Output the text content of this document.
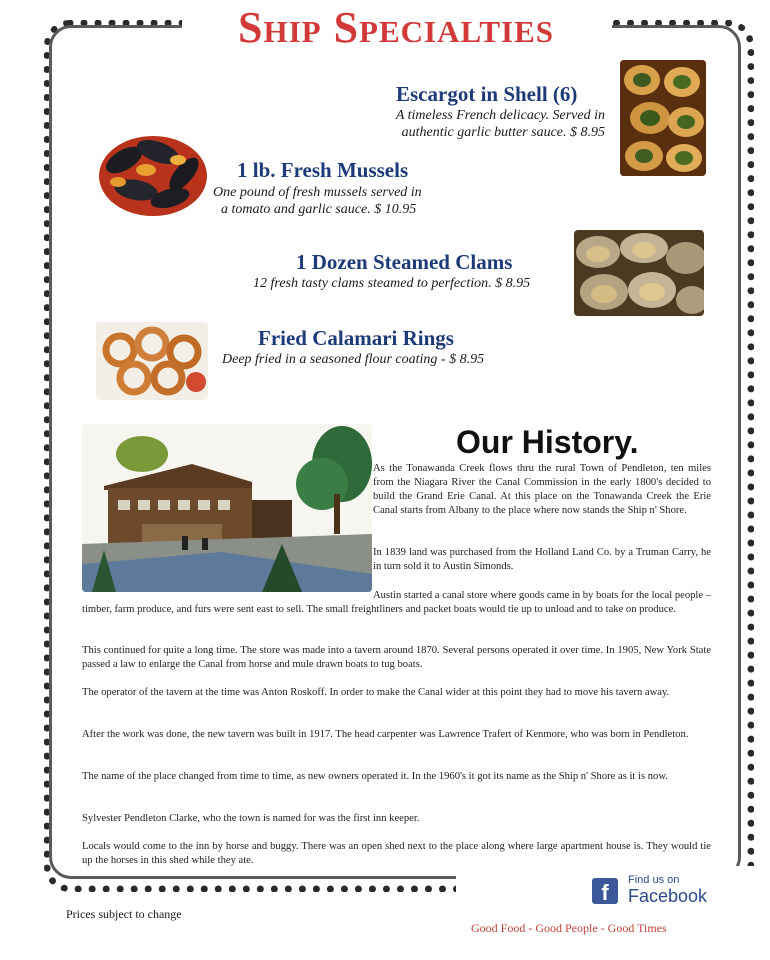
Ship Specialties

Escargot in Shell (6)

A timeless French delicacy. Served in
authentic garlic butter sauce. $ 8.95

1 lb. Fresh Mussels

One pound of fresh mussels served in
a tomato and garlic sauce. $ 10.95

1 Dozen Steamed Clams

12 fresh tasty clams steamed to perfection. $ 8.95

Fried Calamari Rings

Deep fried in a seasoned flour coating - $ 8.95

Our History.

As the Tonawanda Creek flows thru the rural Town of Pendleton, ten miles from the Niagara River the Canal Commission in the early 1800's decided to build the Grand Erie Canal. At this place on the Tonawanda Creek the Erie Canal starts from Albany to the place where now stands the Ship n' Shore.

In 1839 land was purchased from the Holland Land Co. by a Truman Carry, he in turn sold it to Austin Simonds.

Austin started a canal store where goods came in by boats for the local people – timber, farm produce, and furs were sent east to sell. The small freightliners and packet boats would tie up to unload and to take on produce.

This continued for quite a long time. The store was made into a tavern around 1870. Several persons operated it over time. In 1905, New York State passed a law to enlarge the Canal from horse and mule drawn boats to tug boats.

The operator of the tavern at the time was Anton Roskoff. In order to make the Canal wider at this point they had to move his tavern away.

After the work was done, the new tavern was built in 1917. The head carpenter was Lawrence Trafert of Kenmore, who was born in Pendleton.

The name of the place changed from time to time, as new owners operated it. In the 1960's it got its name as the Ship n' Shore as it is now.

Sylvester Pendleton Clarke, who the town is named for was the first inn keeper.

Locals would come to the inn by horse and buggy. There was an open shed next to the place along where large apartment house is. They would tie up the horses in this shed while they ate.

f	Find us on

Facebook

Prices subject to change

Good Food - Good People - Good Times
